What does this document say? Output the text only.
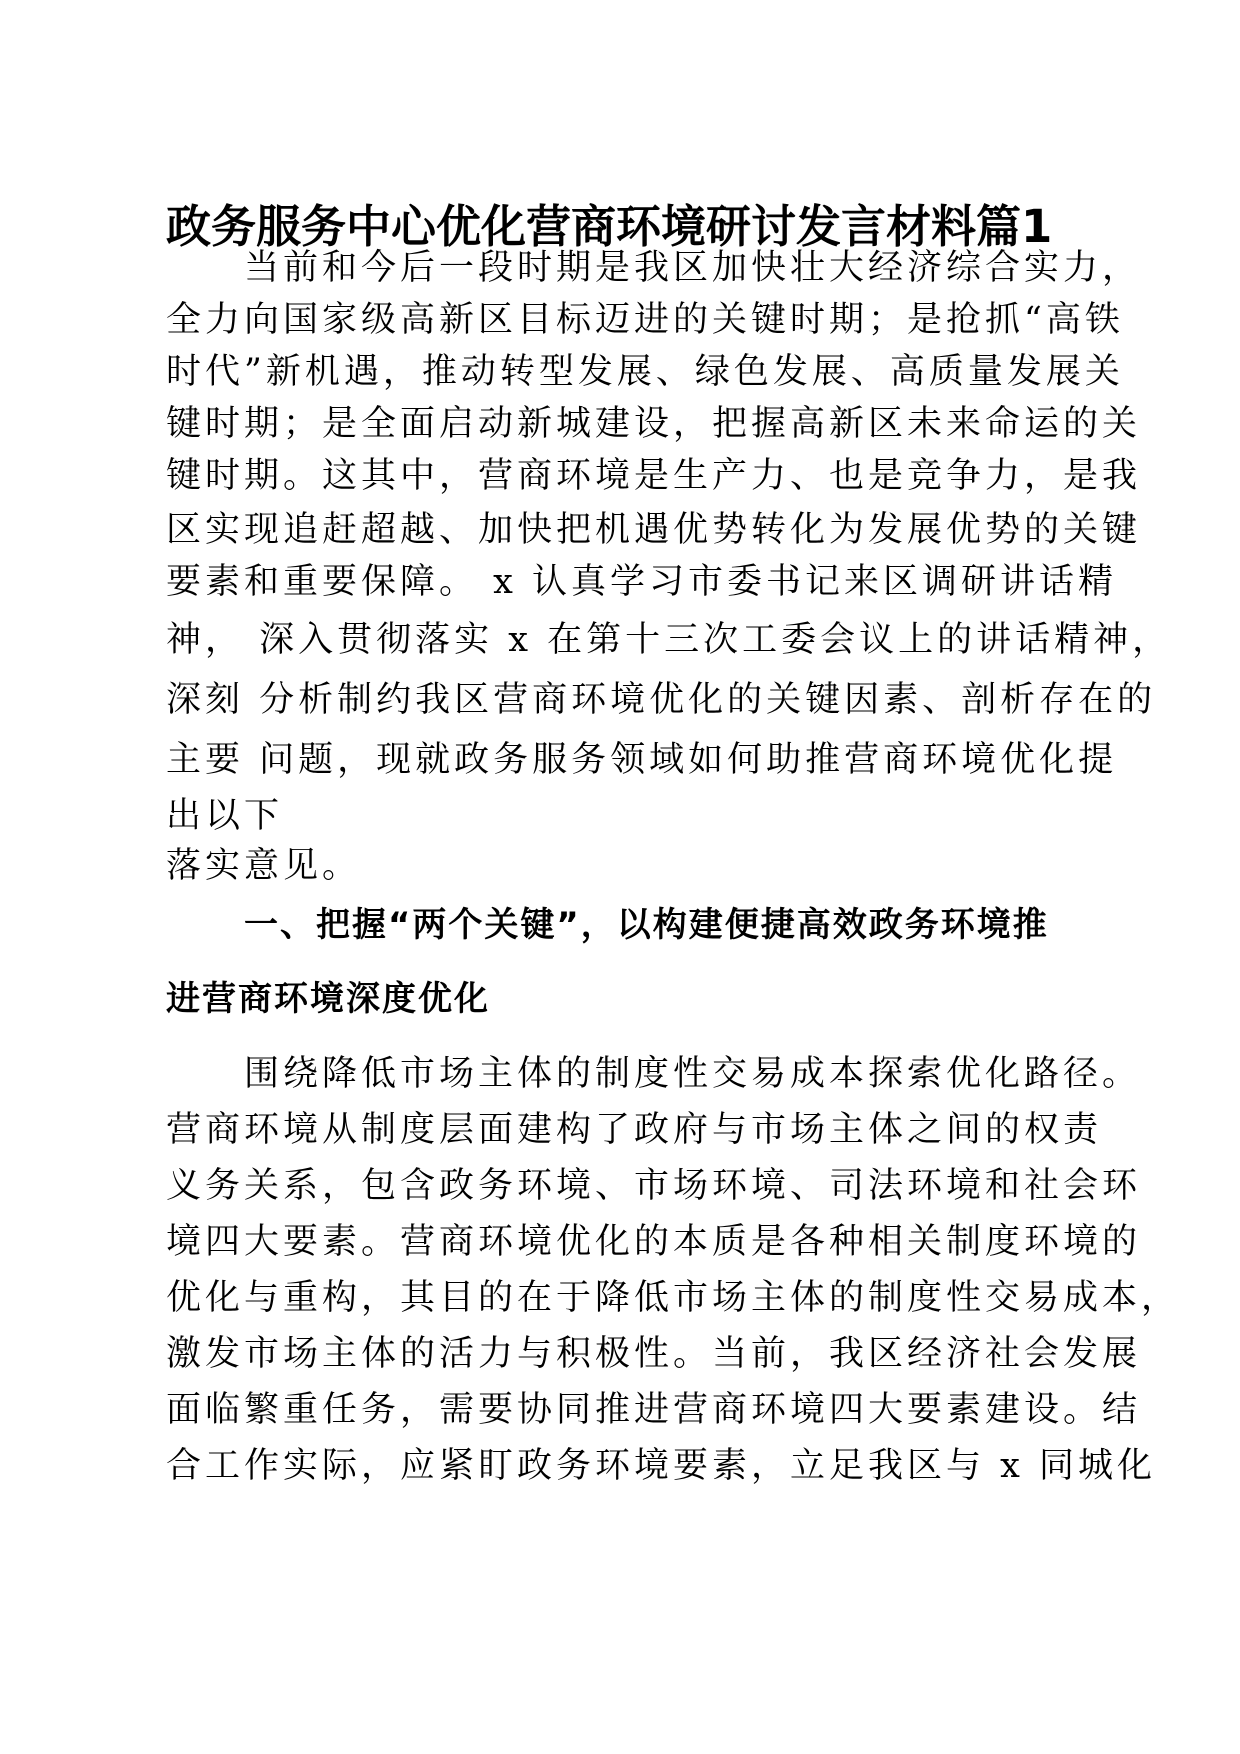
政务服务中心优化营商环境研讨发言材料篇1
当前和今后一段时期是我区加快壮大经济综合实力，
全力向国家级高新区目标迈进的关键时期；是抢抓“高铁
时代”新机遇，推动转型发展、绿色发展、高质量发展关
键时期；是全面启动新城建设，把握高新区未来命运的关
键时期。这其中，营商环境是生产力、也是竞争力，是我
区实现追赶超越、加快把机遇优势转化为发展优势的关键
要素和重要保障。 x 认真学习市委书记来区调研讲话精
神， 深入贯彻落实 x 在第十三次工委会议上的讲话精神，
深刻 分析制约我区营商环境优化的关键因素、剖析存在的
主要 问题，现就政务服务领域如何助推营商环境优化提
出以下
落实意见。
一、把握“两个关键”，以构建便捷高效政务环境推
进营商环境深度优化
围绕降低市场主体的制度性交易成本探索优化路径。
营商环境从制度层面建构了政府与市场主体之间的权责
义务关系，包含政务环境、市场环境、司法环境和社会环
境四大要素。营商环境优化的本质是各种相关制度环境的
优化与重构，其目的在于降低市场主体的制度性交易成本，
激发市场主体的活力与积极性。当前，我区经济社会发展
面临繁重任务，需要协同推进营商环境四大要素建设。结
合工作实际，应紧盯政务环境要素，立足我区与 x 同城化
